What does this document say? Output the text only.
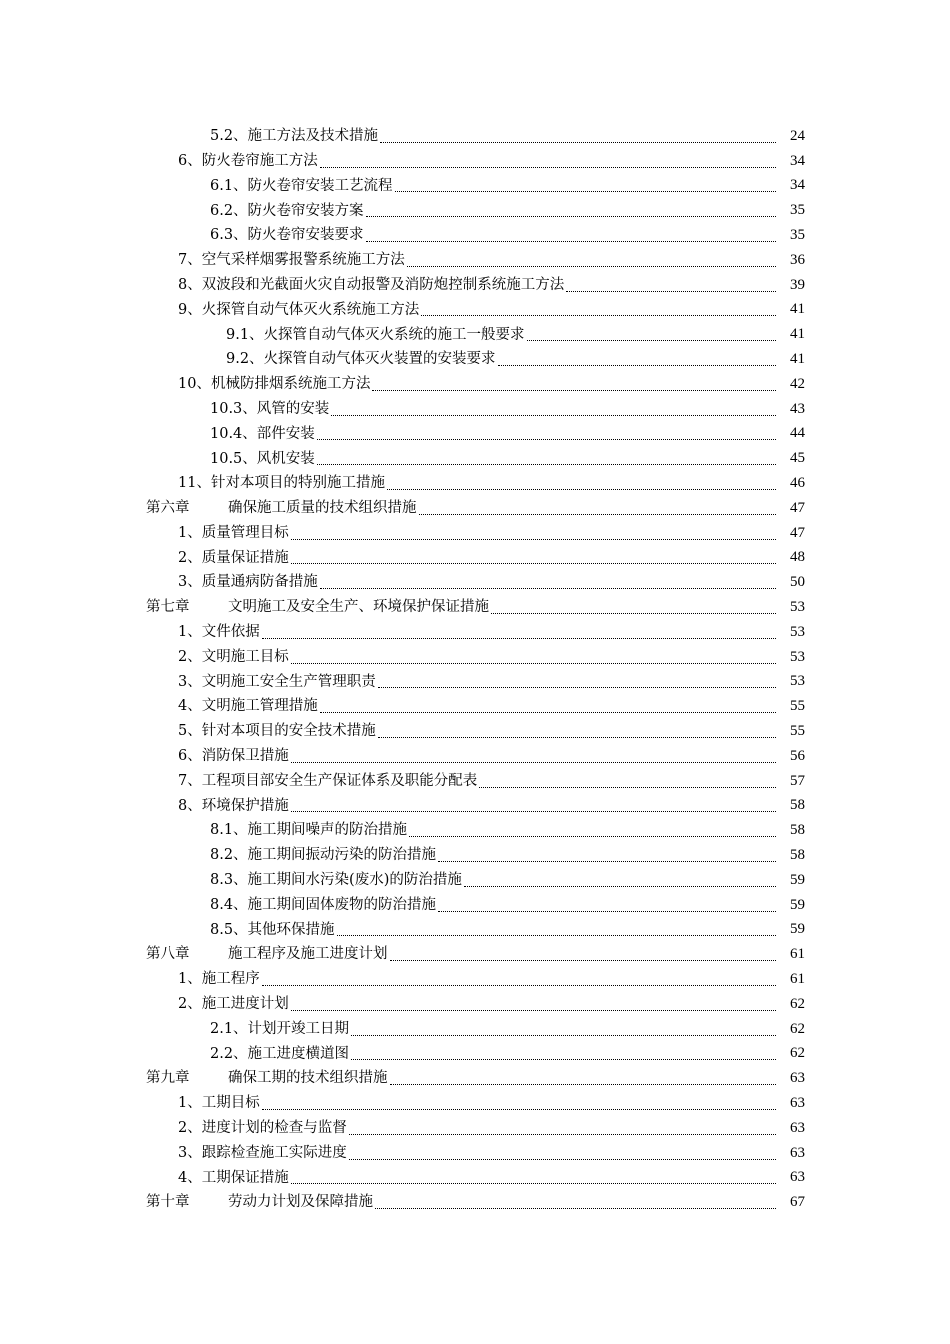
5.2、施工方法及技术措施	24
6、防火卷帘施工方法	34
6.1、防火卷帘安装工艺流程	34
6.2、防火卷帘安装方案	35
6.3、防火卷帘安装要求	35
7、空气采样烟雾报警系统施工方法	36
8、双波段和光截面火灾自动报警及消防炮控制系统施工方法	39
9、火探管自动气体灭火系统施工方法	41
9.1、火探管自动气体灭火系统的施工一般要求	41
9.2、火探管自动气体灭火装置的安装要求	41
10、机械防排烟系统施工方法	42
10.3、风管的安装	43
10.4、部件安装	44
10.5、风机安装	45
11、针对本项目的特别施工措施	46
第六章	确保施工质量的技术组织措施	47
1、质量管理目标	47
2、质量保证措施	48
3、质量通病防备措施	50
第七章	文明施工及安全生产、环境保护保证措施	53
1、文件依据	53
2、文明施工目标	53
3、文明施工安全生产管理职责	53
4、文明施工管理措施	55
5、针对本项目的安全技术措施	55
6、消防保卫措施	56
7、工程项目部安全生产保证体系及职能分配表	57
8、环境保护措施	58
8.1、施工期间噪声的防治措施	58
8.2、施工期间振动污染的防治措施	58
8.3、施工期间水污染(废水)的防治措施	59
8.4、施工期间固体废物的防治措施	59
8.5、其他环保措施	59
第八章	施工程序及施工进度计划	61
1、施工程序	61
2、施工进度计划	62
2.1、计划开竣工日期	62
2.2、施工进度横道图	62
第九章	确保工期的技术组织措施	63
1、工期目标	63
2、进度计划的检查与监督	63
3、跟踪检查施工实际进度	63
4、工期保证措施	63
第十章	劳动力计划及保障措施	67
